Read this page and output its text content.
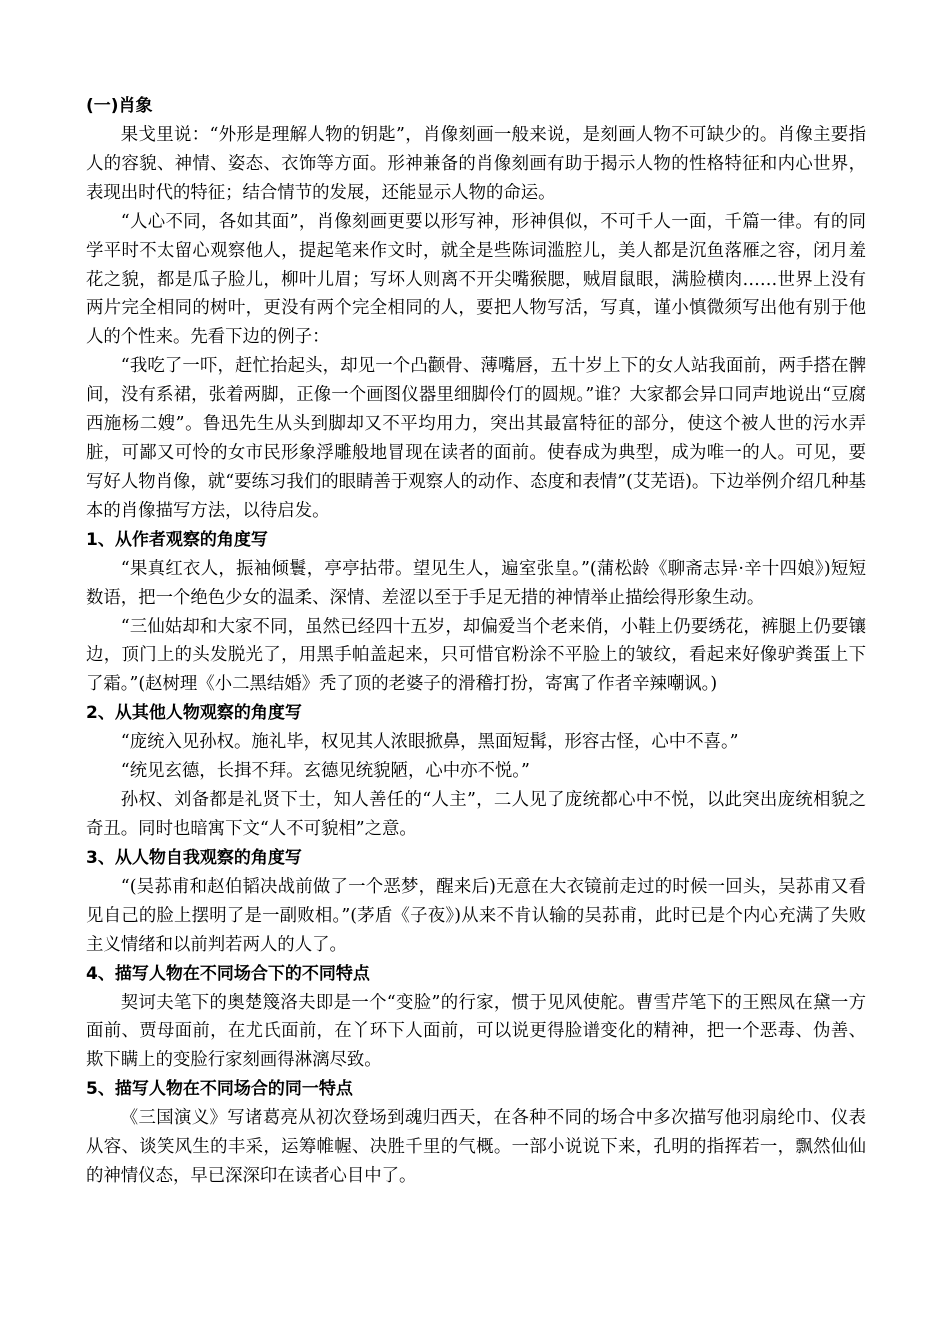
(一)肖象

果戈里说：“外形是理解人物的钥匙”，肖像刻画一般来说，是刻画人物不可缺少的。肖像主要指人的容貌、神情、姿态、衣饰等方面。形神兼备的肖像刻画有助于揭示人物的性格特征和内心世界，表现出时代的特征；结合情节的发展，还能显示人物的命运。

“人心不同，各如其面”，肖像刻画更要以形写神，形神俱似，不可千人一面，千篇一律。有的同学平时不太留心观察他人，提起笔来作文时，就全是些陈词滥腔儿，美人都是沉鱼落雁之容，闭月羞花之貌，都是瓜子脸儿，柳叶儿眉；写坏人则离不开尖嘴猴腮，贼眉鼠眼，满脸横肉……世界上没有两片完全相同的树叶，更没有两个完全相同的人，要把人物写活，写真，谨小慎微须写出他有别于他人的个性来。先看下边的例子：

“我吃了一吓，赶忙抬起头，却见一个凸颧骨、薄嘴唇，五十岁上下的女人站我面前，两手搭在髀间，没有系裙，张着两脚，正像一个画图仪器里细脚伶仃的圆规。”谁？大家都会异口同声地说出“豆腐西施杨二嫂”。鲁迅先生从头到脚却又不平均用力，突出其最富特征的部分，使这个被人世的污水弄脏，可鄙又可怜的女市民形象浮雕般地冒现在读者的面前。使春成为典型，成为唯一的人。可见，要写好人物肖像，就“要练习我们的眼睛善于观察人的动作、态度和表情”(艾芜语)。下边举例介绍几种基本的肖像描写方法，以待启发。

1、从作者观察的角度写

“果真红衣人，振袖倾鬟，亭亭拈带。望见生人，遍室张皇。”(蒲松龄《聊斋志异·辛十四娘》)短短数语，把一个绝色少女的温柔、深情、差涩以至于手足无措的神情举止描绘得形象生动。

“三仙姑却和大家不同，虽然已经四十五岁，却偏爱当个老来俏，小鞋上仍要绣花，裤腿上仍要镶边，顶门上的头发脱光了，用黑手帕盖起来，只可惜官粉涂不平脸上的皱纹，看起来好像驴粪蛋上下了霜。”(赵树理《小二黑结婚》秃了顶的老婆子的滑稽打扮，寄寓了作者辛辣嘲讽。)

2、从其他人物观察的角度写

“庞统入见孙权。施礼毕，权见其人浓眼掀鼻，黑面短髯，形容古怪，心中不喜。”

“统见玄德，长揖不拜。玄德见统貌陋，心中亦不悦。”

孙权、刘备都是礼贤下士，知人善任的“人主”，二人见了庞统都心中不悦，以此突出庞统相貌之奇丑。同时也暗寓下文“人不可貌相”之意。

3、从人物自我观察的角度写

“(吴荪甫和赵伯韬决战前做了一个恶梦，醒来后)无意在大衣镜前走过的时候一回头，吴荪甫又看见自己的脸上摆明了是一副败相。”(茅盾《子夜》)从来不肯认输的吴荪甫，此时已是个内心充满了失败主义情绪和以前判若两人的人了。

4、描写人物在不同场合下的不同特点

契诃夫笔下的奥楚篾洛夫即是一个“变脸”的行家，惯于见风使舵。曹雪芹笔下的王熙凤在黛一方面前、贾母面前，在尤氏面前，在丫环下人面前，可以说更得脸谱变化的精神，把一个恶毒、伪善、欺下瞒上的变脸行家刻画得淋漓尽致。

5、描写人物在不同场合的同一特点

《三国演义》写诸葛亮从初次登场到魂归西天，在各种不同的场合中多次描写他羽扇纶巾、仪表从容、谈笑风生的丰采，运筹帷幄、决胜千里的气概。一部小说说下来，孔明的指挥若一，飘然仙仙的神情仪态，早已深深印在读者心目中了。
